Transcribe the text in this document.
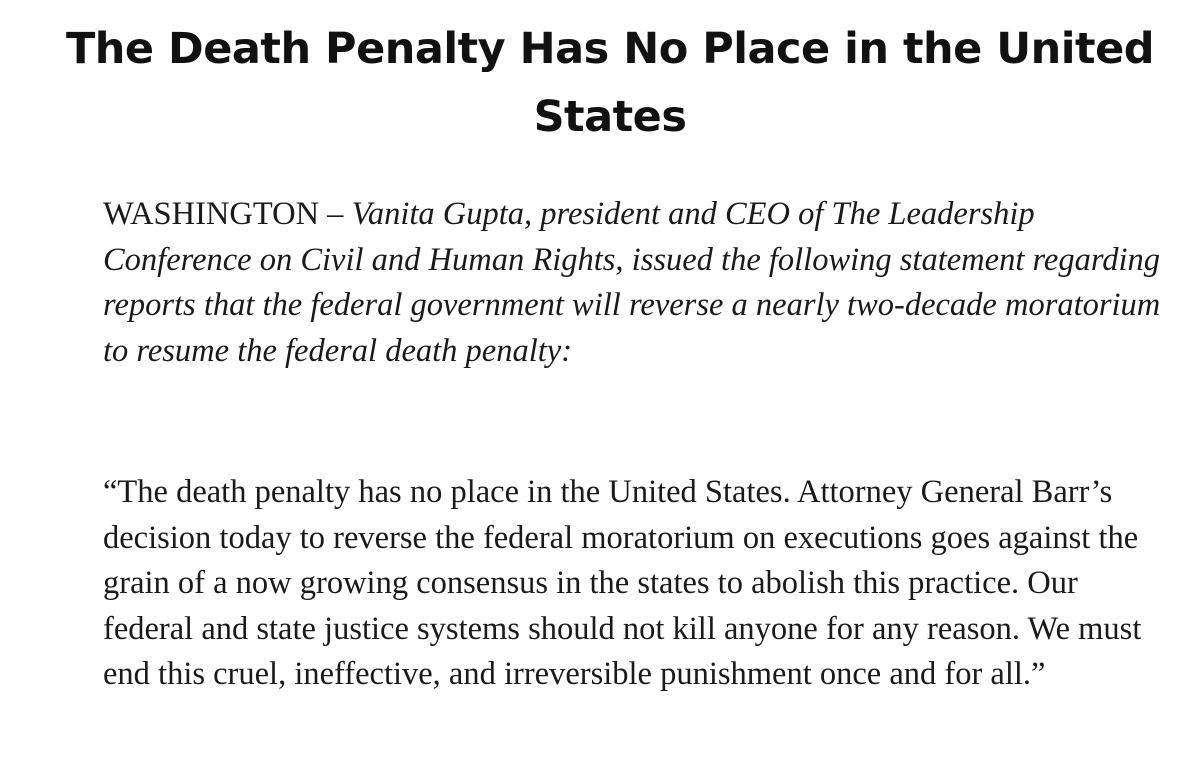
The Death Penalty Has No Place in the United States

WASHINGTON – Vanita Gupta, president and CEO of The Leadership Conference on Civil and Human Rights, issued the following statement regarding reports that the federal government will reverse a nearly two-decade moratorium to resume the federal death penalty:

“The death penalty has no place in the United States. Attorney General Barr’s decision today to reverse the federal moratorium on executions goes against the grain of a now growing consensus in the states to abolish this practice. Our federal and state justice systems should not kill anyone for any reason. We must end this cruel, ineffective, and irreversible punishment once and for all.”
